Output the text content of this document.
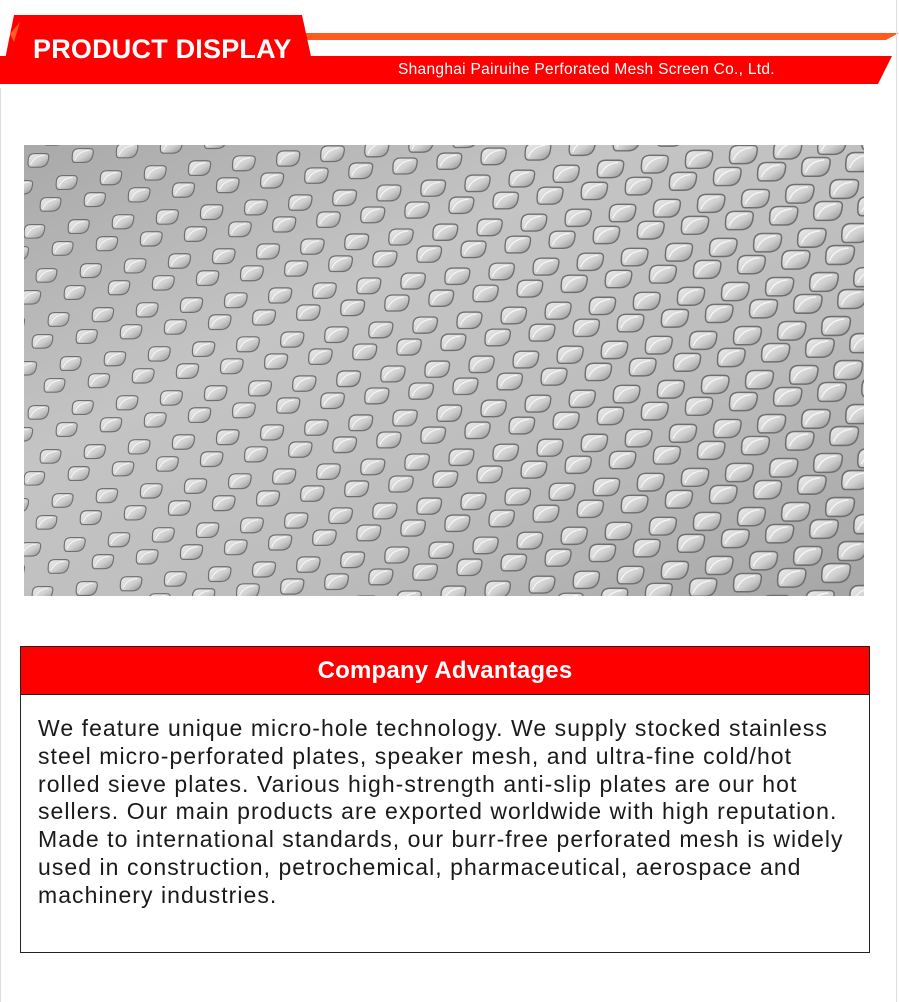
PRODUCT DISPLAY
Shanghai Pairuihe Perforated Mesh Screen Co., Ltd.
Company Advantages

We feature unique micro-hole technology. We supply stocked stainless steel micro-perforated plates, speaker mesh, and ultra-fine cold/hot rolled sieve plates. Various high-strength anti-slip plates are our hot sellers. Our main products are exported worldwide with high reputation. Made to international standards, our burr-free perforated mesh is widely used in construction, petrochemical, pharmaceutical, aerospace and machinery industries.
